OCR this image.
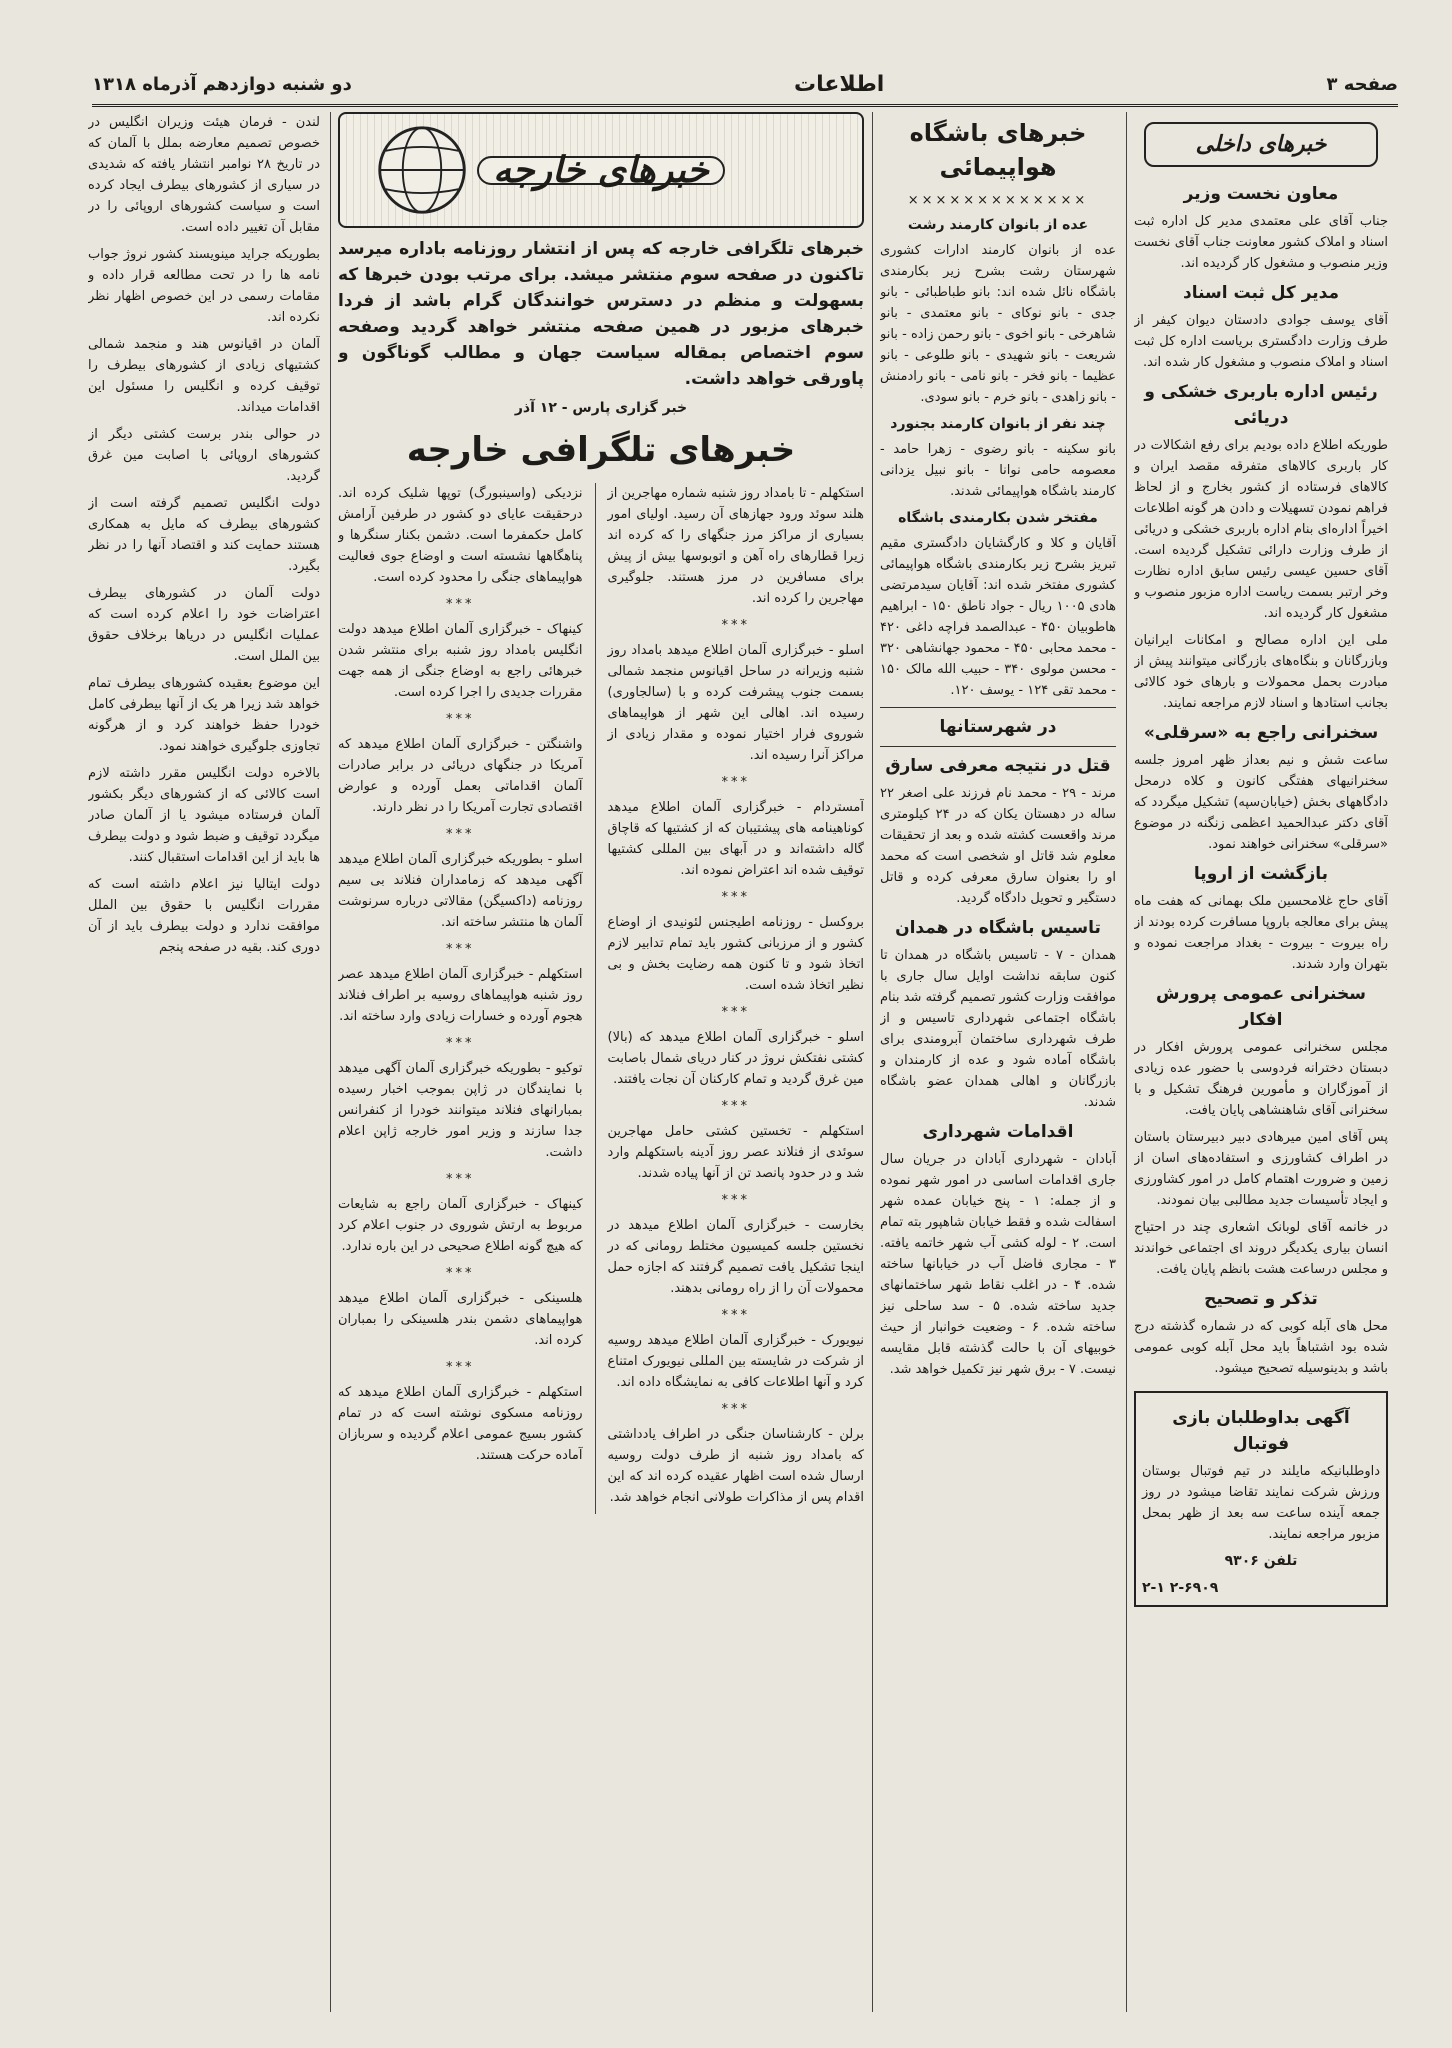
صفحه ۳
اطلاعات
دو شنبه دوازدهم آذرماه ۱۳۱۸
خبرهای داخلی
معاون نخست وزیر

جناب آقای علی معتمدی مدیر کل اداره ثبت اسناد و املاک کشور معاونت جناب آقای نخست وزیر منصوب و مشغول کار گردیده اند.

مدیر کل ثبت اسناد

آقای یوسف جوادی دادستان دیوان کیفر از طرف وزارت دادگستری بریاست اداره کل ثبت اسناد و املاک منصوب و مشغول کار شده اند.

رئیس اداره باربری خشکی و دریائی

طوریکه اطلاع داده بودیم برای رفع اشکالات در کار باربری کالاهای متفرقه مقصد ایران و کالاهای فرستاده از کشور بخارج و از لحاظ فراهم نمودن تسهیلات و دادن هر گونه اطلاعات اخیراً اداره‌ای بنام اداره باربری خشکی و دریائی از طرف وزارت دارائی تشکیل گردیده است. آقای حسین عیسی رئیس سابق اداره نظارت وخر ارتبر بسمت ریاست اداره مزبور منصوب و مشغول کار گردیده اند.

ملی این اداره مصالح و امکانات ایرانیان وبازرگانان و بنگاه‌های بازرگانی میتوانند پیش از مبادرت بحمل محمولات و بارهای خود کالائی بجانب استادها و اسناد لازم مراجعه نمایند.

سخنرانی راجع به «سرقلی»

ساعت شش و نیم بعداز ظهر امروز جلسه سخنرانیهای هفتگی کانون و کلاه درمحل دادگاههای بخش (خیابان‌سپه) تشکیل میگردد که آقای دکتر عبدالحمید اعظمی زنگنه در موضوع «سرقلی» سخنرانی خواهند نمود.

بازگشت از اروپا

آقای حاج غلامحسین ملک بهمانی که هفت ماه پیش برای معالجه باروپا مسافرت کرده بودند از راه بیروت - بیروت - بغداد مراجعت نموده و بتهران وارد شدند.

سخنرانی عمومی پرورش افکار

مجلس سخنرانی عمومی پرورش افکار در دبستان دخترانه فردوسی با حضور عده زیادی از آموزگاران و مأمورین فرهنگ تشکیل و با سخنرانی آقای شاهنشاهی پایان یافت.

پس آقای امین میرهادی دبیر دبیرستان باستان در اطراف کشاورزی و استفاده‌های اسان از زمین و ضرورت اهتمام کامل در امور کشاورزی و ایجاد تأسیسات جدید مطالبی بیان نمودند.

در خانمه آقای لوبانک اشعاری چند در احتیاج انسان بیاری یکدیگر دروند ای اجتماعی خواندند و مجلس درساعت هشت بانظم پایان یافت.

تذکر و تصحیح

محل های آبله کوبی که در شماره گذشته درج شده بود اشتباهاً باید محل آبله کوبی عمومی باشد و بدینوسیله تصحیح میشود.

آگهی بداوطلبان بازی فوتبال

داوطلبانیکه مایلند در تیم فوتبال بوستان ورزش شرکت نمایند تقاضا میشود در روز جمعه آینده ساعت سه بعد از ظهر بمحل مزبور مراجعه نمایند.

تلفن ۹۳۰۶
۲-۶۹۰۹ ۲-۱
خبرهای باشگاه هواپیمائی
×××××××××××××
عده از بانوان کارمند رشت

عده از بانوان کارمند ادارات کشوری شهرستان رشت بشرح زیر بکارمندی باشگاه نائل شده اند: بانو طباطبائی - بانو جدی - بانو نوکای - بانو معتمدی - بانو شاهرخی - بانو اخوی - بانو رحمن زاده - بانو شریعت - بانو شهیدی - بانو طلوعی - بانو عظیما - بانو فخر - بانو نامی - بانو رادمنش - بانو زاهدی - بانو خرم - بانو سودی.

چند نفر از بانوان کارمند بجنورد

بانو سکینه - بانو رضوی - زهرا حامد - معصومه حامی نوانا - بانو نبیل یزدانی کارمند باشگاه هواپیمائی شدند.

مفتخر شدن بکارمندی باشگاه

آقایان و کلا و کارگشایان دادگستری مقیم تبریز بشرح زیر بکارمندی باشگاه هواپیمائی کشوری مفتخر شده اند: آقایان سیدمرتضی هادی ۱۰۰۵ ریال - جواد ناطق ۱۵۰ - ابراهیم هاطوبیان ۴۵۰ - عبدالصمد فراچه داغی ۴۲۰ - محمد محابی ۴۵۰ - محمود جهانشاهی ۳۲۰ - محسن مولوی ۳۴۰ - حبیب الله مالک ۱۵۰ - محمد تقی ۱۲۴ - یوسف ۱۲۰.

در شهرستانها
قتل در نتیجه معرفی سارق

مرند - ۲۹ - محمد نام فرزند علی اصغر ۲۲ ساله در دهستان یکان که در ۲۴ کیلومتری مرند واقعست کشته شده و بعد از تحقیقات معلوم شد قاتل او شخصی است که محمد او را بعنوان سارق معرفی کرده و قاتل دستگیر و تحویل دادگاه گردید.

تاسیس باشگاه در همدان

همدان - ۷ - تاسیس باشگاه در همدان تا کنون سابقه نداشت اوایل سال جاری با موافقت وزارت کشور تصمیم گرفته شد بنام باشگاه اجتماعی شهرداری تاسیس و از طرف شهرداری ساختمان آبرومندی برای باشگاه آماده شود و عده از کارمندان و بازرگانان و اهالی همدان عضو باشگاه شدند.

اقدامات شهرداری

آبادان - شهرداری آبادان در جریان سال جاری اقدامات اساسی در امور شهر نموده و از جمله: ۱ - پنج خیابان عمده شهر اسفالت شده و فقط خیابان شاهپور بته تمام است. ۲ - لوله کشی آب شهر خاتمه یافته. ۳ - مجاری فاضل آب در خیابانها ساخته شده. ۴ - در اغلب نقاط شهر ساختمانهای جدید ساخته شده. ۵ - سد ساحلی نیز ساخته شده. ۶ - وضعیت خوانبار از حیث خوبیهای آن با حالت گذشته قابل مقایسه نیست. ۷ - برق شهر نیز تکمیل خواهد شد.

خبرهای خارجه
خبرهای تلگرافی خارجه که پس از انتشار روزنامه باداره میرسد تاکنون در صفحه سوم منتشر میشد. برای مرتب بودن خبرها که بسهولت و منظم در دسترس خوانندگان گرام باشد از فردا خبرهای مزبور در همین صفحه منتشر خواهد گردید وصفحه سوم اختصاص بمقاله سیاست جهان و مطالب گوناگون و پاورقی خواهد داشت.
خبر گزاری پارس - ۱۲ آذر
خبرهای تلگرافی خارجه

استکهلم - تا بامداد روز شنبه شماره مهاجرین از هلند سوئد ورود جهازهای آن رسید. اولیای امور بسیاری از مراکز مرز جنگهای را که کرده اند زیرا قطارهای راه آهن و اتوبوسها بیش از پیش برای مسافرین در مرز هستند. جلوگیری مهاجرین را کرده اند.

***

اسلو - خبرگزاری آلمان اطلاع میدهد بامداد روز شنبه وزیرانه در ساحل اقیانوس منجمد شمالی بسمت جنوب پیشرفت کرده و با (سالجاوری) رسیده اند. اهالی این شهر از هواپیماهای شوروی فرار اختیار نموده و مقدار زیادی از مراکز آنرا رسیده اند.

***

آمستردام - خبرگزاری آلمان اطلاع میدهد کوناهینامه های پیشتیبان که از کشتیها که قاچاق گاله داشته‌اند و در آبهای بین المللی کشتیها توقیف شده اند اعتراض نموده اند.

***

بروکسل - روزنامه اطیجنس لئونیدی از اوضاع کشور و از مرزبانی کشور باید تمام تدابیر لازم اتخاذ شود و تا کنون همه رضایت بخش و بی نظیر اتخاذ شده است.

***

اسلو - خبرگزاری آلمان اطلاع میدهد که (بالا) کشتی نفتکش نروژ در کنار دریای شمال باصابت مین غرق گردید و تمام کارکنان آن نجات یافتند.

***

استکهلم - تخستین کشتی حامل مهاجرین سوئدی از فنلاند عصر روز آدینه باستکهلم وارد شد و در حدود پانصد تن از آنها پیاده شدند.

***

بخارست - خبرگزاری آلمان اطلاع میدهد در نخستین جلسه کمیسیون مختلط رومانی که در اینجا تشکیل یافت تصمیم گرفتند که اجازه حمل محمولات آن را از راه رومانی بدهند.

***

نیویورک - خبرگزاری آلمان اطلاع میدهد روسیه از شرکت در شایسته بین المللی نیویورک امتناع کرد و آنها اطلاعات کافی به نمایشگاه داده اند.

***

برلن - کارشناسان جنگی در اطراف یادداشتی که بامداد روز شنبه از طرف دولت روسیه ارسال شده است اظهار عقیده کرده اند که این اقدام پس از مذاکرات طولانی انجام خواهد شد.

نزدیکی (واسینبورگ) توپها شلیک کرده اند. درحقیقت عایای دو کشور در طرفین آرامش کامل حکمفرما است. دشمن بکنار سنگرها و پناهگاهها نشسته است و اوضاع جوی فعالیت هواپیماهای جنگی را محدود کرده است.

***

کینهاک - خبرگزاری آلمان اطلاع میدهد دولت انگلیس بامداد روز شنبه برای منتشر شدن خبرهائی راجع به اوضاع جنگی از همه جهت مقررات جدیدی را اجرا کرده است.

***

واشنگتن - خبرگزاری آلمان اطلاع میدهد که آمریکا در جنگهای دریائی در برابر صادرات آلمان اقداماتی بعمل آورده و عوارض اقتصادی تجارت آمریکا را در نظر دارند.

***

اسلو - بطوریکه خبرگزاری آلمان اطلاع میدهد آگهی میدهد که زمامداران فنلاند بی سیم روزنامه (داکسیگن) مقالاتی درباره سرنوشت آلمان ها منتشر ساخته اند.

***

استکهلم - خبرگزاری آلمان اطلاع میدهد عصر روز شنبه هواپیماهای روسیه بر اطراف فنلاند هجوم آورده و خسارات زیادی وارد ساخته اند.

***

توکیو - بطوریکه خبرگزاری آلمان آگهی میدهد با نمایندگان در ژاپن بموجب اخبار رسیده بمبارانهای فنلاند میتوانند خودرا از کنفرانس جدا سازند و وزیر امور خارجه ژاپن اعلام داشت.

***

کینهاک - خبرگزاری آلمان راجع به شایعات مربوط به ارتش شوروی در جنوب اعلام کرد که هیچ گونه اطلاع صحیحی در این باره ندارد.

***

هلسینکی - خبرگزاری آلمان اطلاع میدهد هواپیماهای دشمن بندر هلسینکی را بمباران کرده اند.

***

استکهلم - خبرگزاری آلمان اطلاع میدهد که روزنامه مسکوی نوشته است که در تمام کشور بسیج عمومی اعلام گردیده و سربازان آماده حرکت هستند.

لندن - فرمان هیئت وزیران انگلیس در خصوص تصمیم معارضه بملل با آلمان که در تاریخ ۲۸ نوامبر انتشار یافته که شدیدی در سیاری از کشورهای بیطرف ایجاد کرده است و سیاست کشورهای اروپائی را در مقابل آن تغییر داده است.

بطوریکه جراید مینویسند کشور نروژ جواب نامه ها را در تحت مطالعه قرار داده و مقامات رسمی در این خصوص اظهار نظر نکرده اند.

آلمان در اقیانوس هند و منجمد شمالی کشتیهای زیادی از کشورهای بیطرف را توقیف کرده و انگلیس را مسئول این اقدامات میداند.

در حوالی بندر برست کشتی دیگر از کشورهای اروپائی با اصابت مین غرق گردید.

دولت انگلیس تصمیم گرفته است از کشورهای بیطرف که مایل به همکاری هستند حمایت کند و اقتصاد آنها را در نظر بگیرد.

دولت آلمان در کشورهای بیطرف اعتراضات خود را اعلام کرده است که عملیات انگلیس در دریاها برخلاف حقوق بین الملل است.

این موضوع بعقیده کشورهای بیطرف تمام خواهد شد زیرا هر یک از آنها بیطرفی کامل خودرا حفظ خواهند کرد و از هرگونه تجاوزی جلوگیری خواهند نمود.

بالاخره دولت انگلیس مقرر داشته لازم است کالائی که از کشورهای دیگر بکشور آلمان فرستاده میشود یا از آلمان صادر میگردد توقیف و ضبط شود و دولت بیطرف ها باید از این اقدامات استقبال کنند.

دولت ایتالیا نیز اعلام داشته است که مقررات انگلیس با حقوق بین الملل موافقت ندارد و دولت بیطرف باید از آن دوری کند. بقیه در صفحه پنجم
